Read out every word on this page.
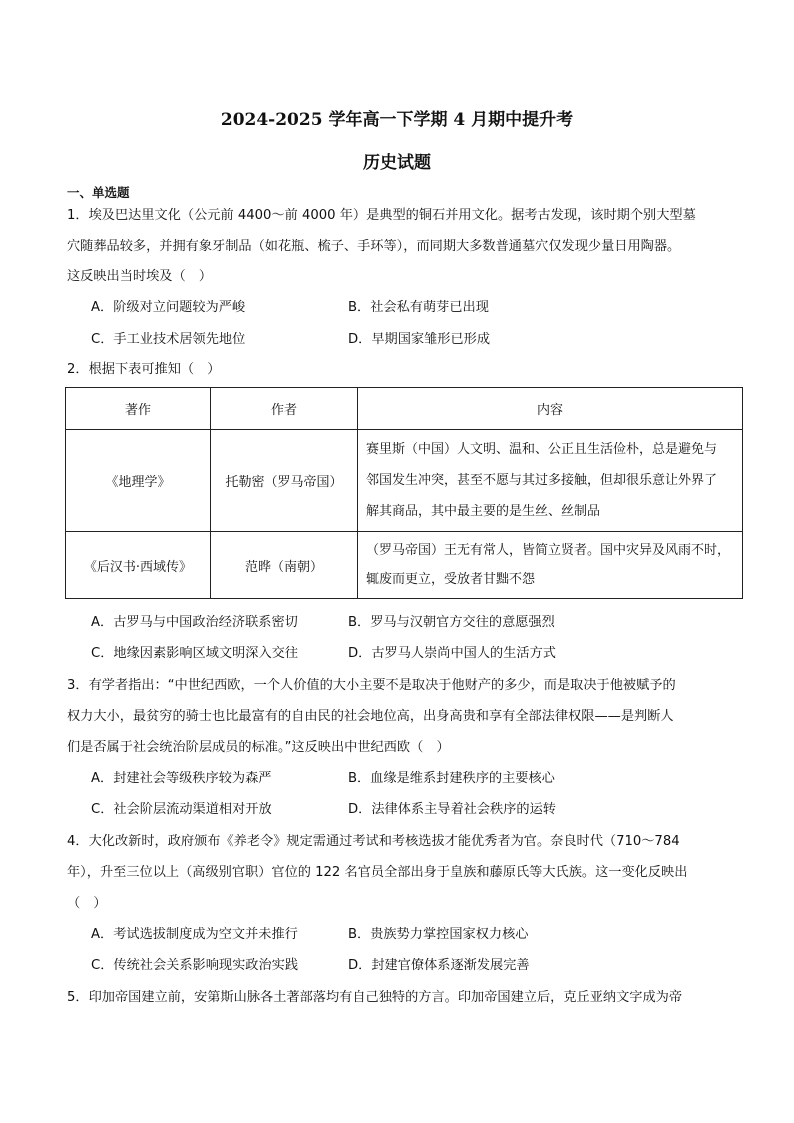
2024-2025 学年高一下学期 4 月期中提升考
历史试题
一、单选题
1．埃及巴达里文化（公元前 4400～前 4000 年）是典型的铜石并用文化。据考古发现，该时期个别大型墓
穴随葬品较多，并拥有象牙制品（如花瓶、梳子、手环等），而同期大多数普通墓穴仅发现少量日用陶器。
这反映出当时埃及（　）
A．阶级对立问题较为严峻	B．社会私有萌芽已出现
C．手工业技术居领先地位	D．早期国家雏形已形成
2．根据下表可推知（　）
著作	作者	内容
《地理学》	托勒密（罗马帝国）	赛里斯（中国）人文明、温和、公正且生活俭朴，总是避免与
邻国发生冲突，甚至不愿与其过多接触，但却很乐意让外界了
解其商品，其中最主要的是生丝、丝制品

《后汉书·西域传》	范晔（南朝）	（罗马帝国）王无有常人，皆简立贤者。国中灾异及风雨不时，
辄废而更立，受放者甘黜不怨
A．古罗马与中国政治经济联系密切	B．罗马与汉朝官方交往的意愿强烈
C．地缘因素影响区域文明深入交往	D．古罗马人崇尚中国人的生活方式
3．有学者指出：“中世纪西欧，一个人价值的大小主要不是取决于他财产的多少，而是取决于他被赋予的
权力大小，最贫穷的骑士也比最富有的自由民的社会地位高，出身高贵和享有全部法律权限——是判断人
们是否属于社会统治阶层成员的标准。”这反映出中世纪西欧（　）
A．封建社会等级秩序较为森严	B．血缘是维系封建秩序的主要核心
C．社会阶层流动渠道相对开放	D．法律体系主导着社会秩序的运转
4．大化改新时，政府颁布《养老令》规定需通过考试和考核选拔才能优秀者为官。奈良时代（710～784
年），升至三位以上（高级别官职）官位的 122 名官员全部出身于皇族和藤原氏等大氏族。这一变化反映出
（　）
A．考试选拔制度成为空文并未推行	B．贵族势力掌控国家权力核心
C．传统社会关系影响现实政治实践	D．封建官僚体系逐渐发展完善
5．印加帝国建立前，安第斯山脉各土著部落均有自己独特的方言。印加帝国建立后，克丘亚纳文字成为帝
